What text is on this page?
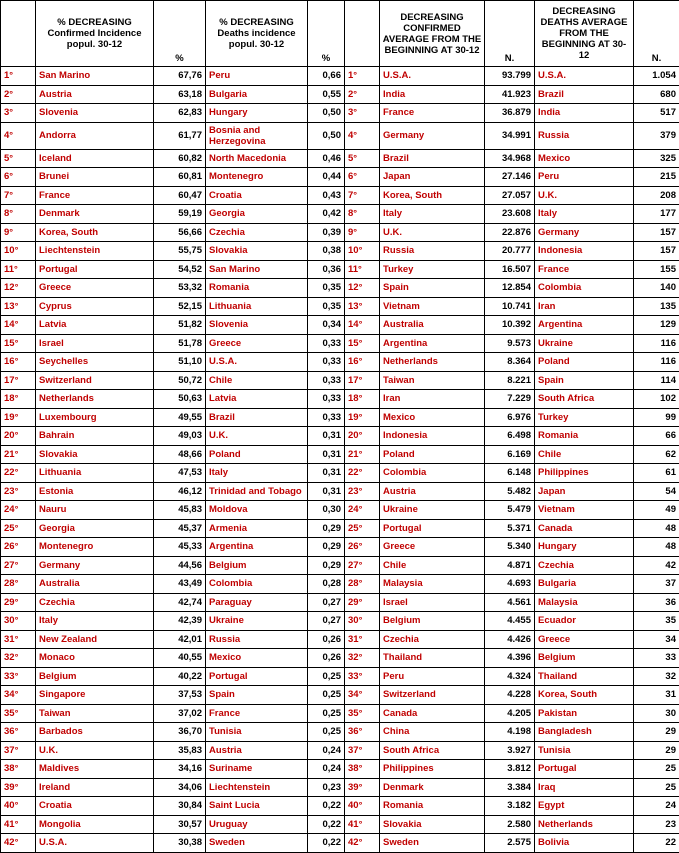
	% DECREASING Confirmed Incidence popul. 30-12	%	% DECREASING Deaths incidence popul. 30-12	%		DECREASING CONFIRMED AVERAGE FROM THE BEGINNING AT 30-12	N.	DECREASING DEATHS AVERAGE FROM THE BEGINNING AT 30-12	N.
1°	San Marino	67,76	Peru	0,66	1°	U.S.A.	93.799	U.S.A.	1.054
2°	Austria	63,18	Bulgaria	0,55	2°	India	41.923	Brazil	680
3°	Slovenia	62,83	Hungary	0,50	3°	France	36.879	India	517
4°	Andorra	61,77	Bosnia and Herzegovina	0,50	4°	Germany	34.991	Russia	379
5°	Iceland	60,82	North Macedonia	0,46	5°	Brazil	34.968	Mexico	325
6°	Brunei	60,81	Montenegro	0,44	6°	Japan	27.146	Peru	215
7°	France	60,47	Croatia	0,43	7°	Korea, South	27.057	U.K.	208
8°	Denmark	59,19	Georgia	0,42	8°	Italy	23.608	Italy	177
9°	Korea, South	56,66	Czechia	0,39	9°	U.K.	22.876	Germany	157
10°	Liechtenstein	55,75	Slovakia	0,38	10°	Russia	20.777	Indonesia	157
11°	Portugal	54,52	San Marino	0,36	11°	Turkey	16.507	France	155
12°	Greece	53,32	Romania	0,35	12°	Spain	12.854	Colombia	140
13°	Cyprus	52,15	Lithuania	0,35	13°	Vietnam	10.741	Iran	135
14°	Latvia	51,82	Slovenia	0,34	14°	Australia	10.392	Argentina	129
15°	Israel	51,78	Greece	0,33	15°	Argentina	9.573	Ukraine	116
16°	Seychelles	51,10	U.S.A.	0,33	16°	Netherlands	8.364	Poland	116
17°	Switzerland	50,72	Chile	0,33	17°	Taiwan	8.221	Spain	114
18°	Netherlands	50,63	Latvia	0,33	18°	Iran	7.229	South Africa	102
19°	Luxembourg	49,55	Brazil	0,33	19°	Mexico	6.976	Turkey	99
20°	Bahrain	49,03	U.K.	0,31	20°	Indonesia	6.498	Romania	66
21°	Slovakia	48,66	Poland	0,31	21°	Poland	6.169	Chile	62
22°	Lithuania	47,53	Italy	0,31	22°	Colombia	6.148	Philippines	61
23°	Estonia	46,12	Trinidad and Tobago	0,31	23°	Austria	5.482	Japan	54
24°	Nauru	45,83	Moldova	0,30	24°	Ukraine	5.479	Vietnam	49
25°	Georgia	45,37	Armenia	0,29	25°	Portugal	5.371	Canada	48
26°	Montenegro	45,33	Argentina	0,29	26°	Greece	5.340	Hungary	48
27°	Germany	44,56	Belgium	0,29	27°	Chile	4.871	Czechia	42
28°	Australia	43,49	Colombia	0,28	28°	Malaysia	4.693	Bulgaria	37
29°	Czechia	42,74	Paraguay	0,27	29°	Israel	4.561	Malaysia	36
30°	Italy	42,39	Ukraine	0,27	30°	Belgium	4.455	Ecuador	35
31°	New Zealand	42,01	Russia	0,26	31°	Czechia	4.426	Greece	34
32°	Monaco	40,55	Mexico	0,26	32°	Thailand	4.396	Belgium	33
33°	Belgium	40,22	Portugal	0,25	33°	Peru	4.324	Thailand	32
34°	Singapore	37,53	Spain	0,25	34°	Switzerland	4.228	Korea, South	31
35°	Taiwan	37,02	France	0,25	35°	Canada	4.205	Pakistan	30
36°	Barbados	36,70	Tunisia	0,25	36°	China	4.198	Bangladesh	29
37°	U.K.	35,83	Austria	0,24	37°	South Africa	3.927	Tunisia	29
38°	Maldives	34,16	Suriname	0,24	38°	Philippines	3.812	Portugal	25
39°	Ireland	34,06	Liechtenstein	0,23	39°	Denmark	3.384	Iraq	25
40°	Croatia	30,84	Saint Lucia	0,22	40°	Romania	3.182	Egypt	24
41°	Mongolia	30,57	Uruguay	0,22	41°	Slovakia	2.580	Netherlands	23
42°	U.S.A.	30,38	Sweden	0,22	42°	Sweden	2.575	Bolivia	22
